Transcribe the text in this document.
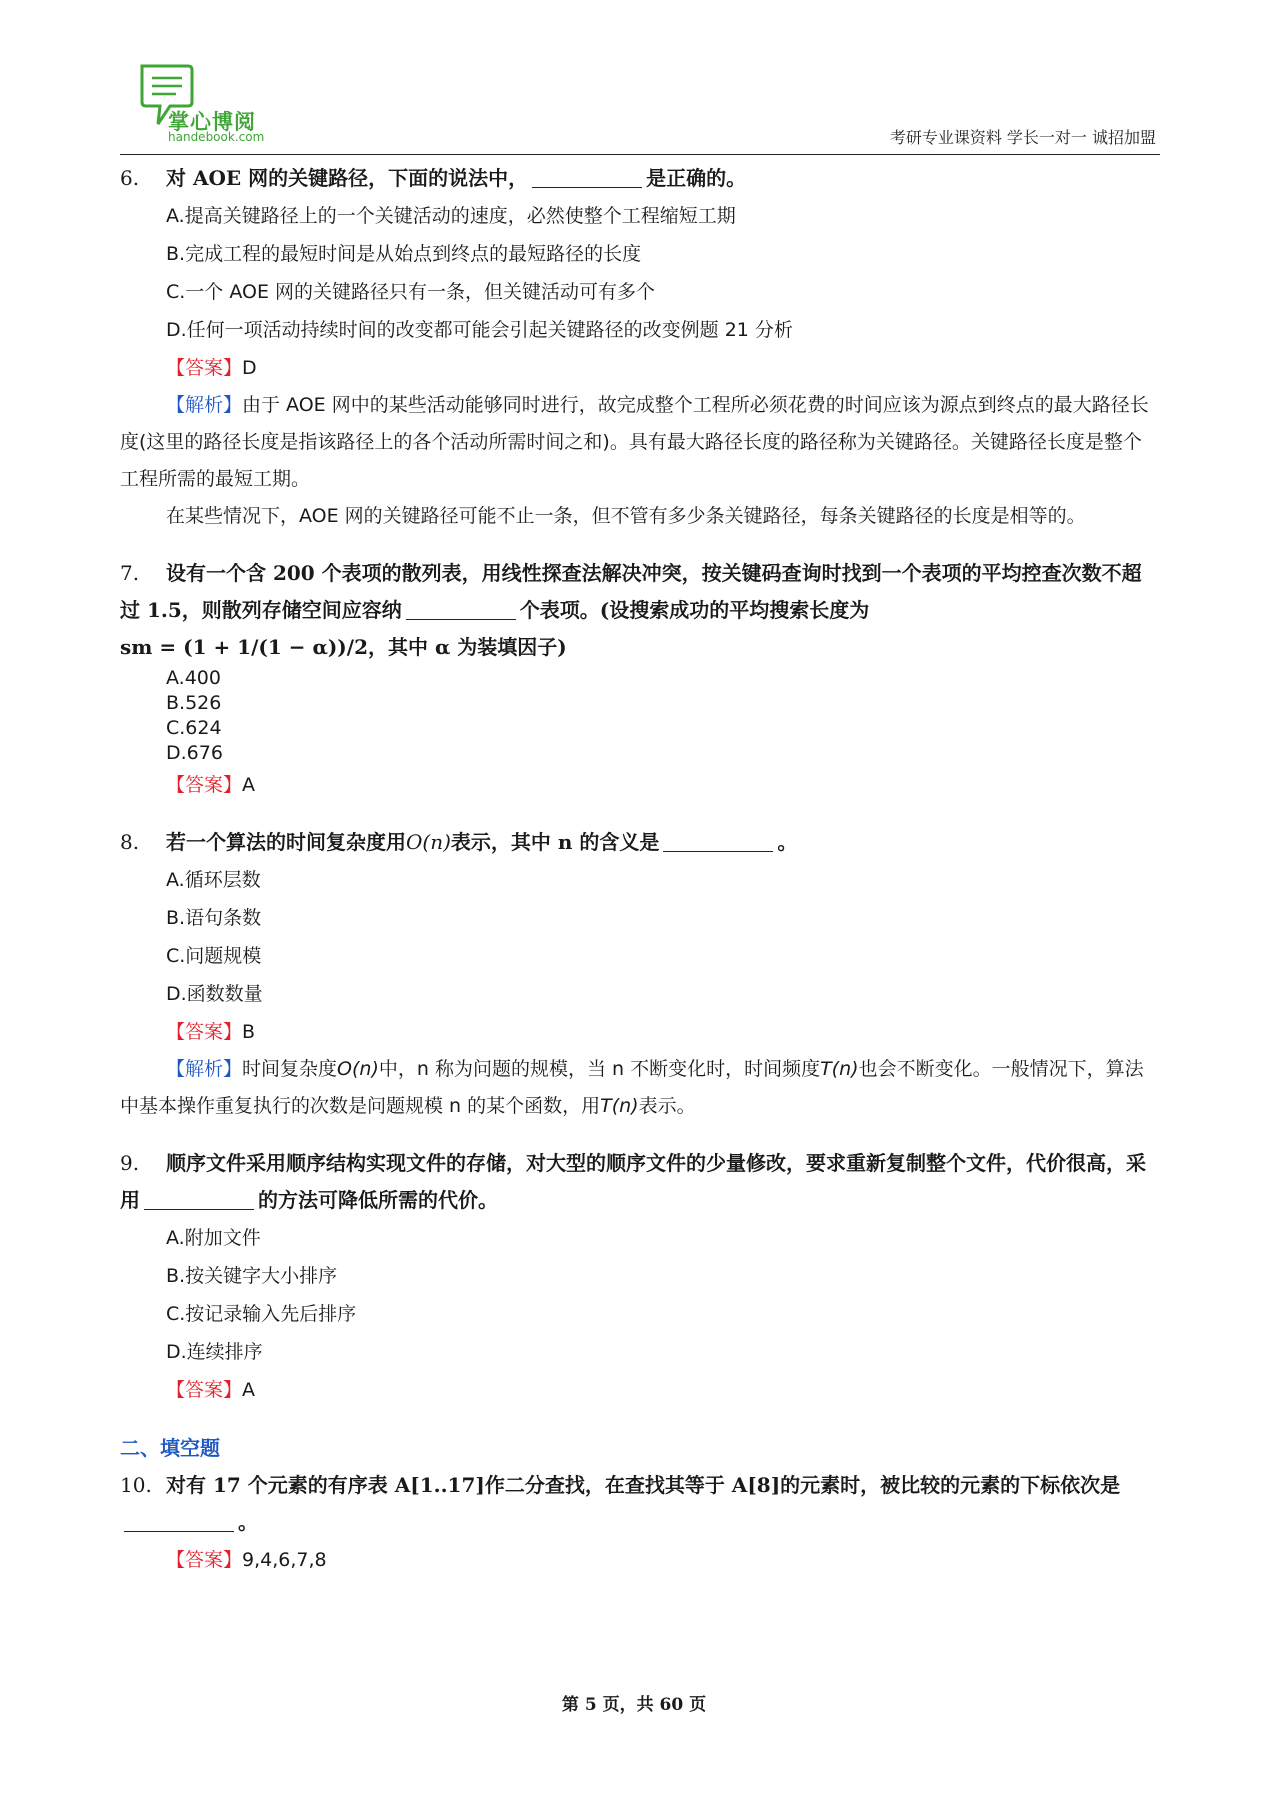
掌心博阅
handebook.com	考研专业课资料 学长一对一 诚招加盟

6. 对 AOE 网的关键路径，下面的说法中，	是正确的。

A.提高关键路径上的一个关键活动的速度，必然使整个工程缩短工期

B.完成工程的最短时间是从始点到终点的最短路径的长度

C.一个 AOE 网的关键路径只有一条，但关键活动可有多个

D.任何一项活动持续时间的改变都可能会引起关键路径的改变例题 21 分析

【答案】D

【解析】由于 AOE 网中的某些活动能够同时进行，故完成整个工程所必须花费的时间应该为源点到终点的最大路径长度(这里的路径长度是指该路径上的各个活动所需时间之和)。具有最大路径长度的路径称为关键路径。关键路径长度是整个工程所需的最短工期。

在某些情况下，AOE 网的关键路径可能不止一条，但不管有多少条关键路径，每条关键路径的长度是相等的。

7. 设有一个含 200 个表项的散列表，用线性探查法解决冲突，按关键码查询时找到一个表项的平均控查次数不超过 1.5，则散列存储空间应容纳	个表项。(设搜索成功的平均搜索长度为

sm = (1 + 1/(1 − α))/2，其中 α 为装填因子)

A.400

B.526

C.624

D.676

【答案】A

8. 若一个算法的时间复杂度用O(n)表示，其中 n 的含义是	。

A.循环层数

B.语句条数

C.问题规模

D.函数数量

【答案】B

【解析】时间复杂度O(n)中，n 称为问题的规模，当 n 不断变化时，时间频度T(n)也会不断变化。一般情况下，算法中基本操作重复执行的次数是问题规模 n 的某个函数，用T(n)表示。

9. 顺序文件采用顺序结构实现文件的存储，对大型的顺序文件的少量修改，要求重新复制整个文件，代价很高，采用	的方法可降低所需的代价。

A.附加文件

B.按关键字大小排序

C.按记录输入先后排序

D.连续排序

【答案】A

二、填空题

10. 对有 17 个元素的有序表 A[1..17]作二分查找，在查找其等于 A[8]的元素时，被比较的元素的下标依次是。

【答案】9,4,6,7,8

第 5 页，共 60 页
